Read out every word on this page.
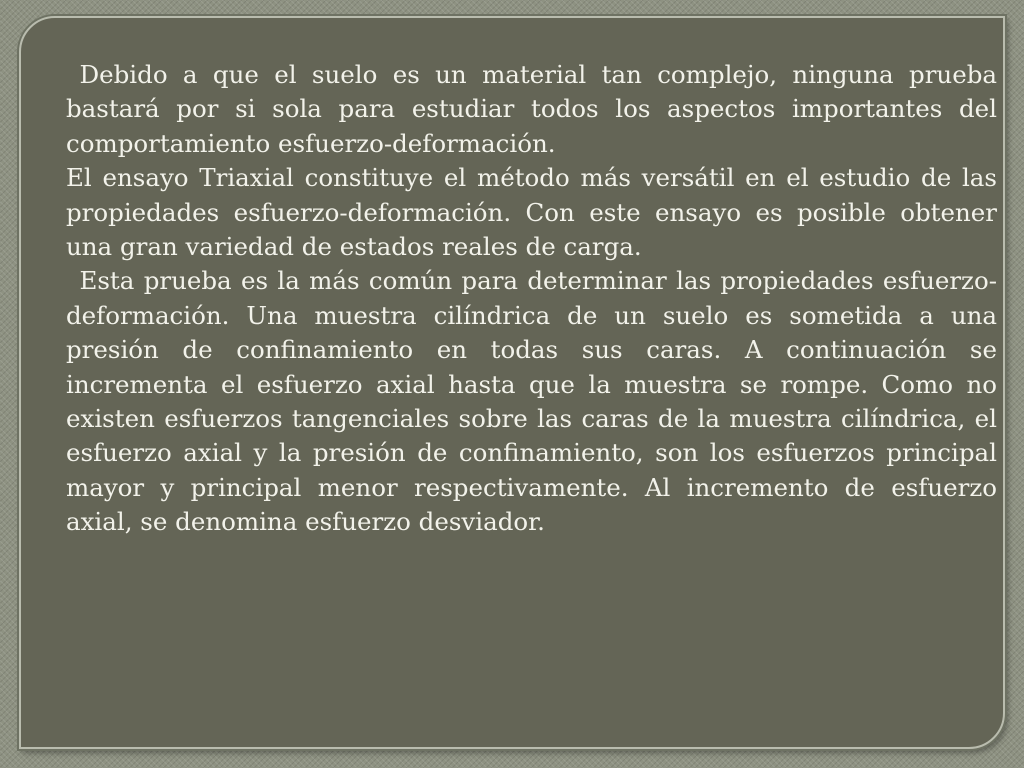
Debido a que el suelo es un material tan complejo, ninguna prueba bastará por si sola para estudiar todos los aspectos importantes del comportamiento esfuerzo-deformación.

El ensayo Triaxial constituye el método más versátil en el estudio de las propiedades esfuerzo-deformación. Con este ensayo es posible obtener una gran variedad de estados reales de carga.

Esta prueba es la más común para determinar las propiedades esfuerzo-deformación. Una muestra cilíndrica de un suelo es sometida a una presión de confinamiento en todas sus caras. A continuación se incrementa el esfuerzo axial hasta que la muestra se rompe. Como no existen esfuerzos tangenciales sobre las caras de la muestra cilíndrica, el esfuerzo axial y la presión de confinamiento, son los esfuerzos principal mayor y principal menor respectivamente. Al incremento de esfuerzo axial, se denomina esfuerzo desviador.
